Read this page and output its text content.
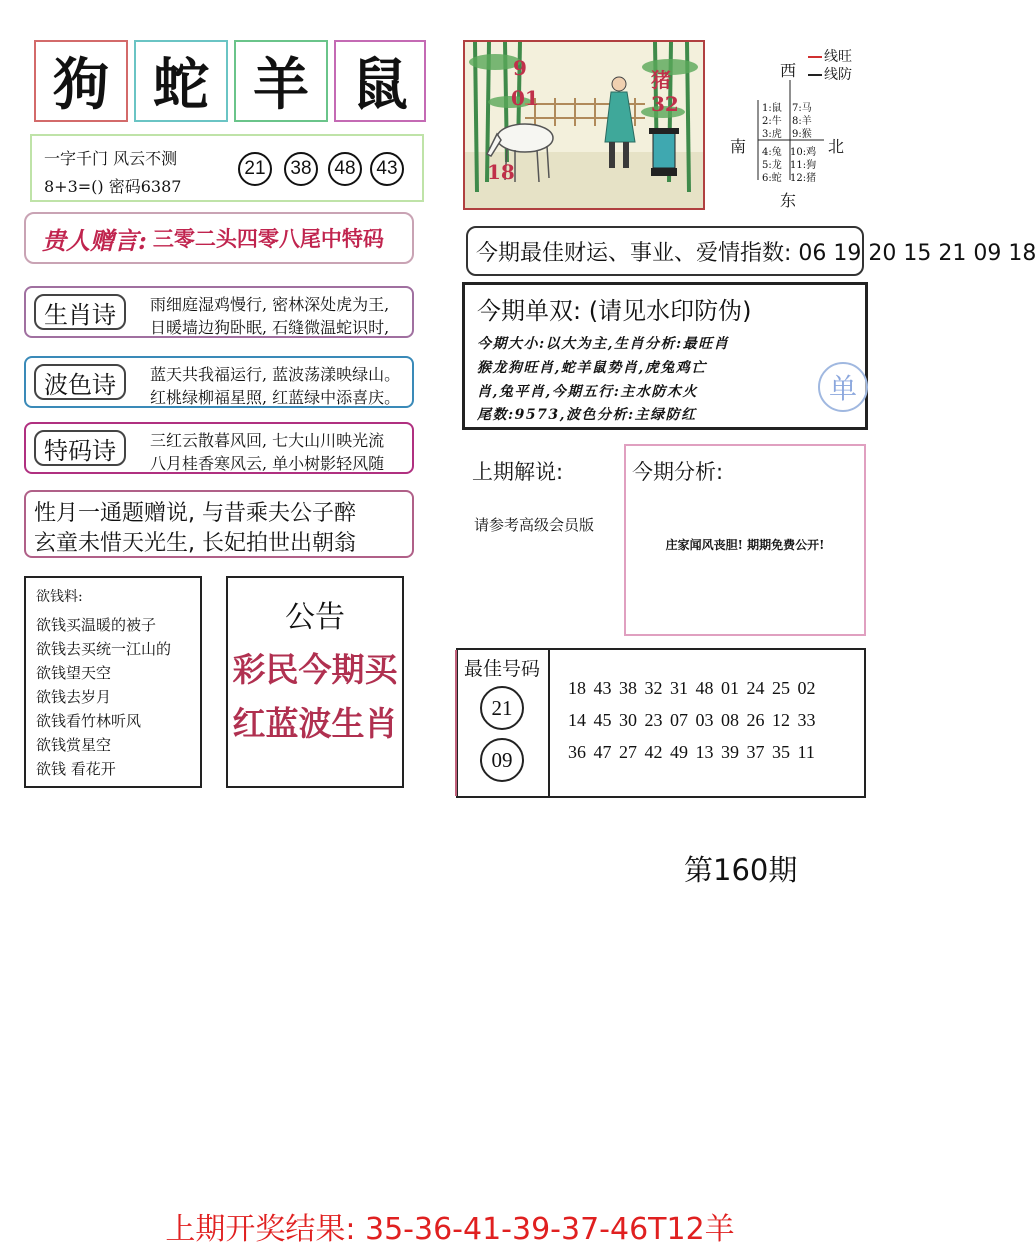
狗 蛇 羊 鼠
一字千门 风云不测
8+3=() 密码6387
21	38	48	43
贵人赠言: 三零二头四零八尾中特码
生肖诗	雨细庭湿鸡慢行, 密林深处虎为王,
日暖墙边狗卧眠, 石缝微温蛇识时,
波色诗	蓝天共我福运行, 蓝波荡漾映绿山。
红桃绿柳福星照, 红蓝绿中添喜庆。
特码诗	三红云散暮风回, 七大山川映光流
八月桂香寒风云, 单小树影轻风随
性月一通题赠说, 与昔乘夫公子醉
玄童未惜天光生, 长妃拍世出朝翁
欲钱料:
欲钱买温暖的被子
欲钱去买统一江山的
欲钱望天空
欲钱去岁月
欲钱看竹林听风
欲钱赏星空
欲钱 看花开
公告
彩民今期买
红蓝波生肖
9
01
猪
32
18
西
南	北
东
1:鼠
2:牛
3:虎
7:马
8:羊
9:猴
4:兔
5:龙
6:蛇
10:鸡
11:狗
12:猪
线旺
线防
今期最佳财运、事业、爱情指数: 06 19 20 15 21 09 18
今期单双: (请见水印防伪)
今期大小:以大为主,生肖分析:最旺肖
猴龙狗旺肖,蛇羊鼠势肖,虎兔鸡亡
肖,兔平肖,今期五行:主水防木火
尾数:9573,波色分析:主绿防红
单
上期解说:
请参考高级会员版
今期分析:
庄家闻风丧胆! 期期免费公开!
最佳号码
21
09
18 43 38 32 31 48 01 24 25 02
14 45 30 23 07 03 08 26 12 33
36 47 27 42 49 13 39 37 35 11
第160期
上期开奖结果: 35-36-41-39-37-46T12羊
